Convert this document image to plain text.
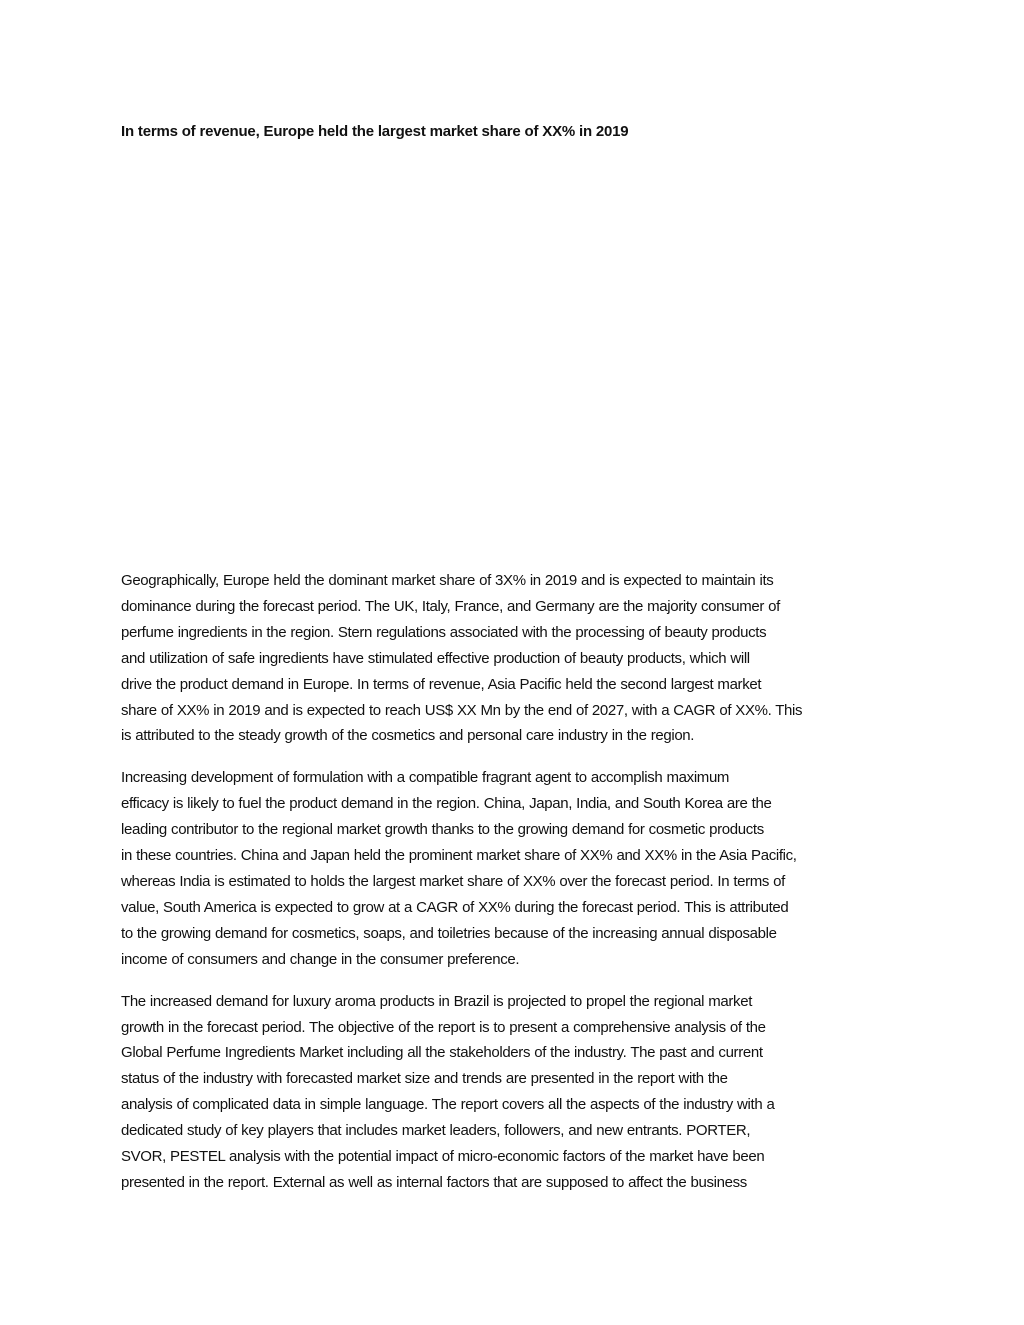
In terms of revenue, Europe held the largest market share of XX% in 2019

Geographically, Europe held the dominant market share of 3X% in 2019 and is expected to maintain its
dominance during the forecast period. The UK, Italy, France, and Germany are the majority consumer of
perfume ingredients in the region. Stern regulations associated with the processing of beauty products
and utilization of safe ingredients have stimulated effective production of beauty products, which will
drive the product demand in Europe. In terms of revenue, Asia Pacific held the second largest market
share of XX% in 2019 and is expected to reach US$ XX Mn by the end of 2027, with a CAGR of XX%. This
is attributed to the steady growth of the cosmetics and personal care industry in the region.

Increasing development of formulation with a compatible fragrant agent to accomplish maximum
efficacy is likely to fuel the product demand in the region. China, Japan, India, and South Korea are the
leading contributor to the regional market growth thanks to the growing demand for cosmetic products
in these countries. China and Japan held the prominent market share of XX% and XX% in the Asia Pacific,
whereas India is estimated to holds the largest market share of XX% over the forecast period. In terms of
value, South America is expected to grow at a CAGR of XX% during the forecast period. This is attributed
to the growing demand for cosmetics, soaps, and toiletries because of the increasing annual disposable
income of consumers and change in the consumer preference.

The increased demand for luxury aroma products in Brazil is projected to propel the regional market
growth in the forecast period. The objective of the report is to present a comprehensive analysis of the
Global Perfume Ingredients Market including all the stakeholders of the industry. The past and current
status of the industry with forecasted market size and trends are presented in the report with the
analysis of complicated data in simple language. The report covers all the aspects of the industry with a
dedicated study of key players that includes market leaders, followers, and new entrants. PORTER,
SVOR, PESTEL analysis with the potential impact of micro-economic factors of the market have been
presented in the report. External as well as internal factors that are supposed to affect the business
